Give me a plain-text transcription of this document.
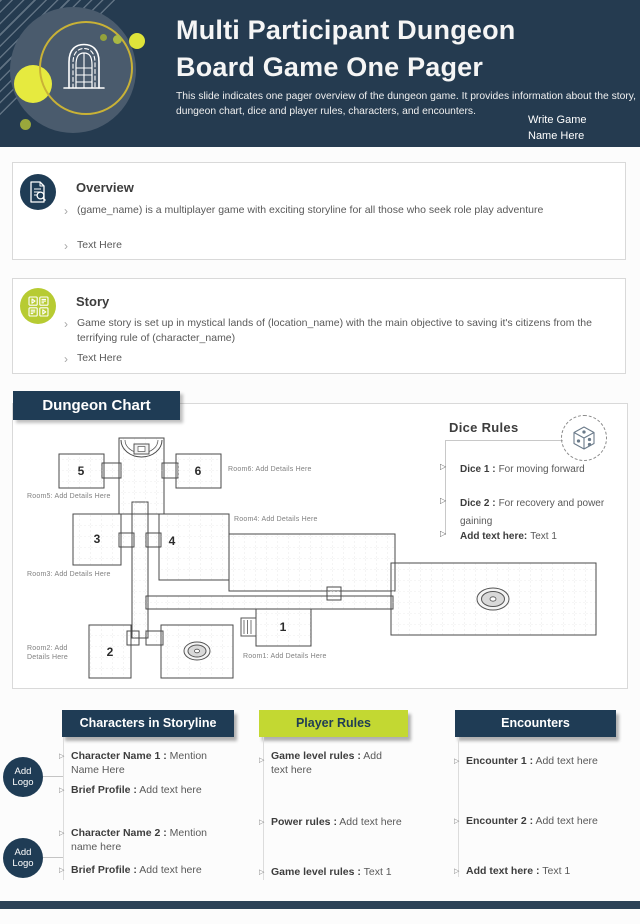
Multi Participant Dungeon
Board Game One Pager
This slide indicates one pager overview of the dungeon game. It provides information about the story, dungeon chart, dice and player rules, characters, and encounters.
Write Game Name Here
Overview
› (game_name) is a multiplayer game with exciting storyline for all those who seek role play adventure
› Text Here
Story
› Game story is set up in mystical lands of (location_name) with the main objective to saving it's citizens from the terrifying rule of (character_name)
› Text Here
Dungeon Chart
1
2
3	4
5	6
Room1: Add Details Here
Room2: Add Details Here
Room3: Add Details Here
Room4: Add Details Here
Room5: Add Details Here
Room6: Add Details Here
Dice Rules
▷ Dice 1 : For moving forward
▷ Dice 2 : For recovery and power gaining
▷ Add text here: Text 1
Characters in Storyline
Add Logo
Add Logo
▷ Character Name 1 : Mention Name Here
▷ Brief Profile : Add text here
▷ Character Name 2 : Mention name here
▷ Brief Profile : Add text here
Player Rules
▷ Game level rules : Add text here
▷ Power rules : Add text here
▷ Game level rules : Text 1
Encounters
▷ Encounter 1 : Add text here
▷ Encounter 2 : Add text here
▷ Add text here : Text 1
